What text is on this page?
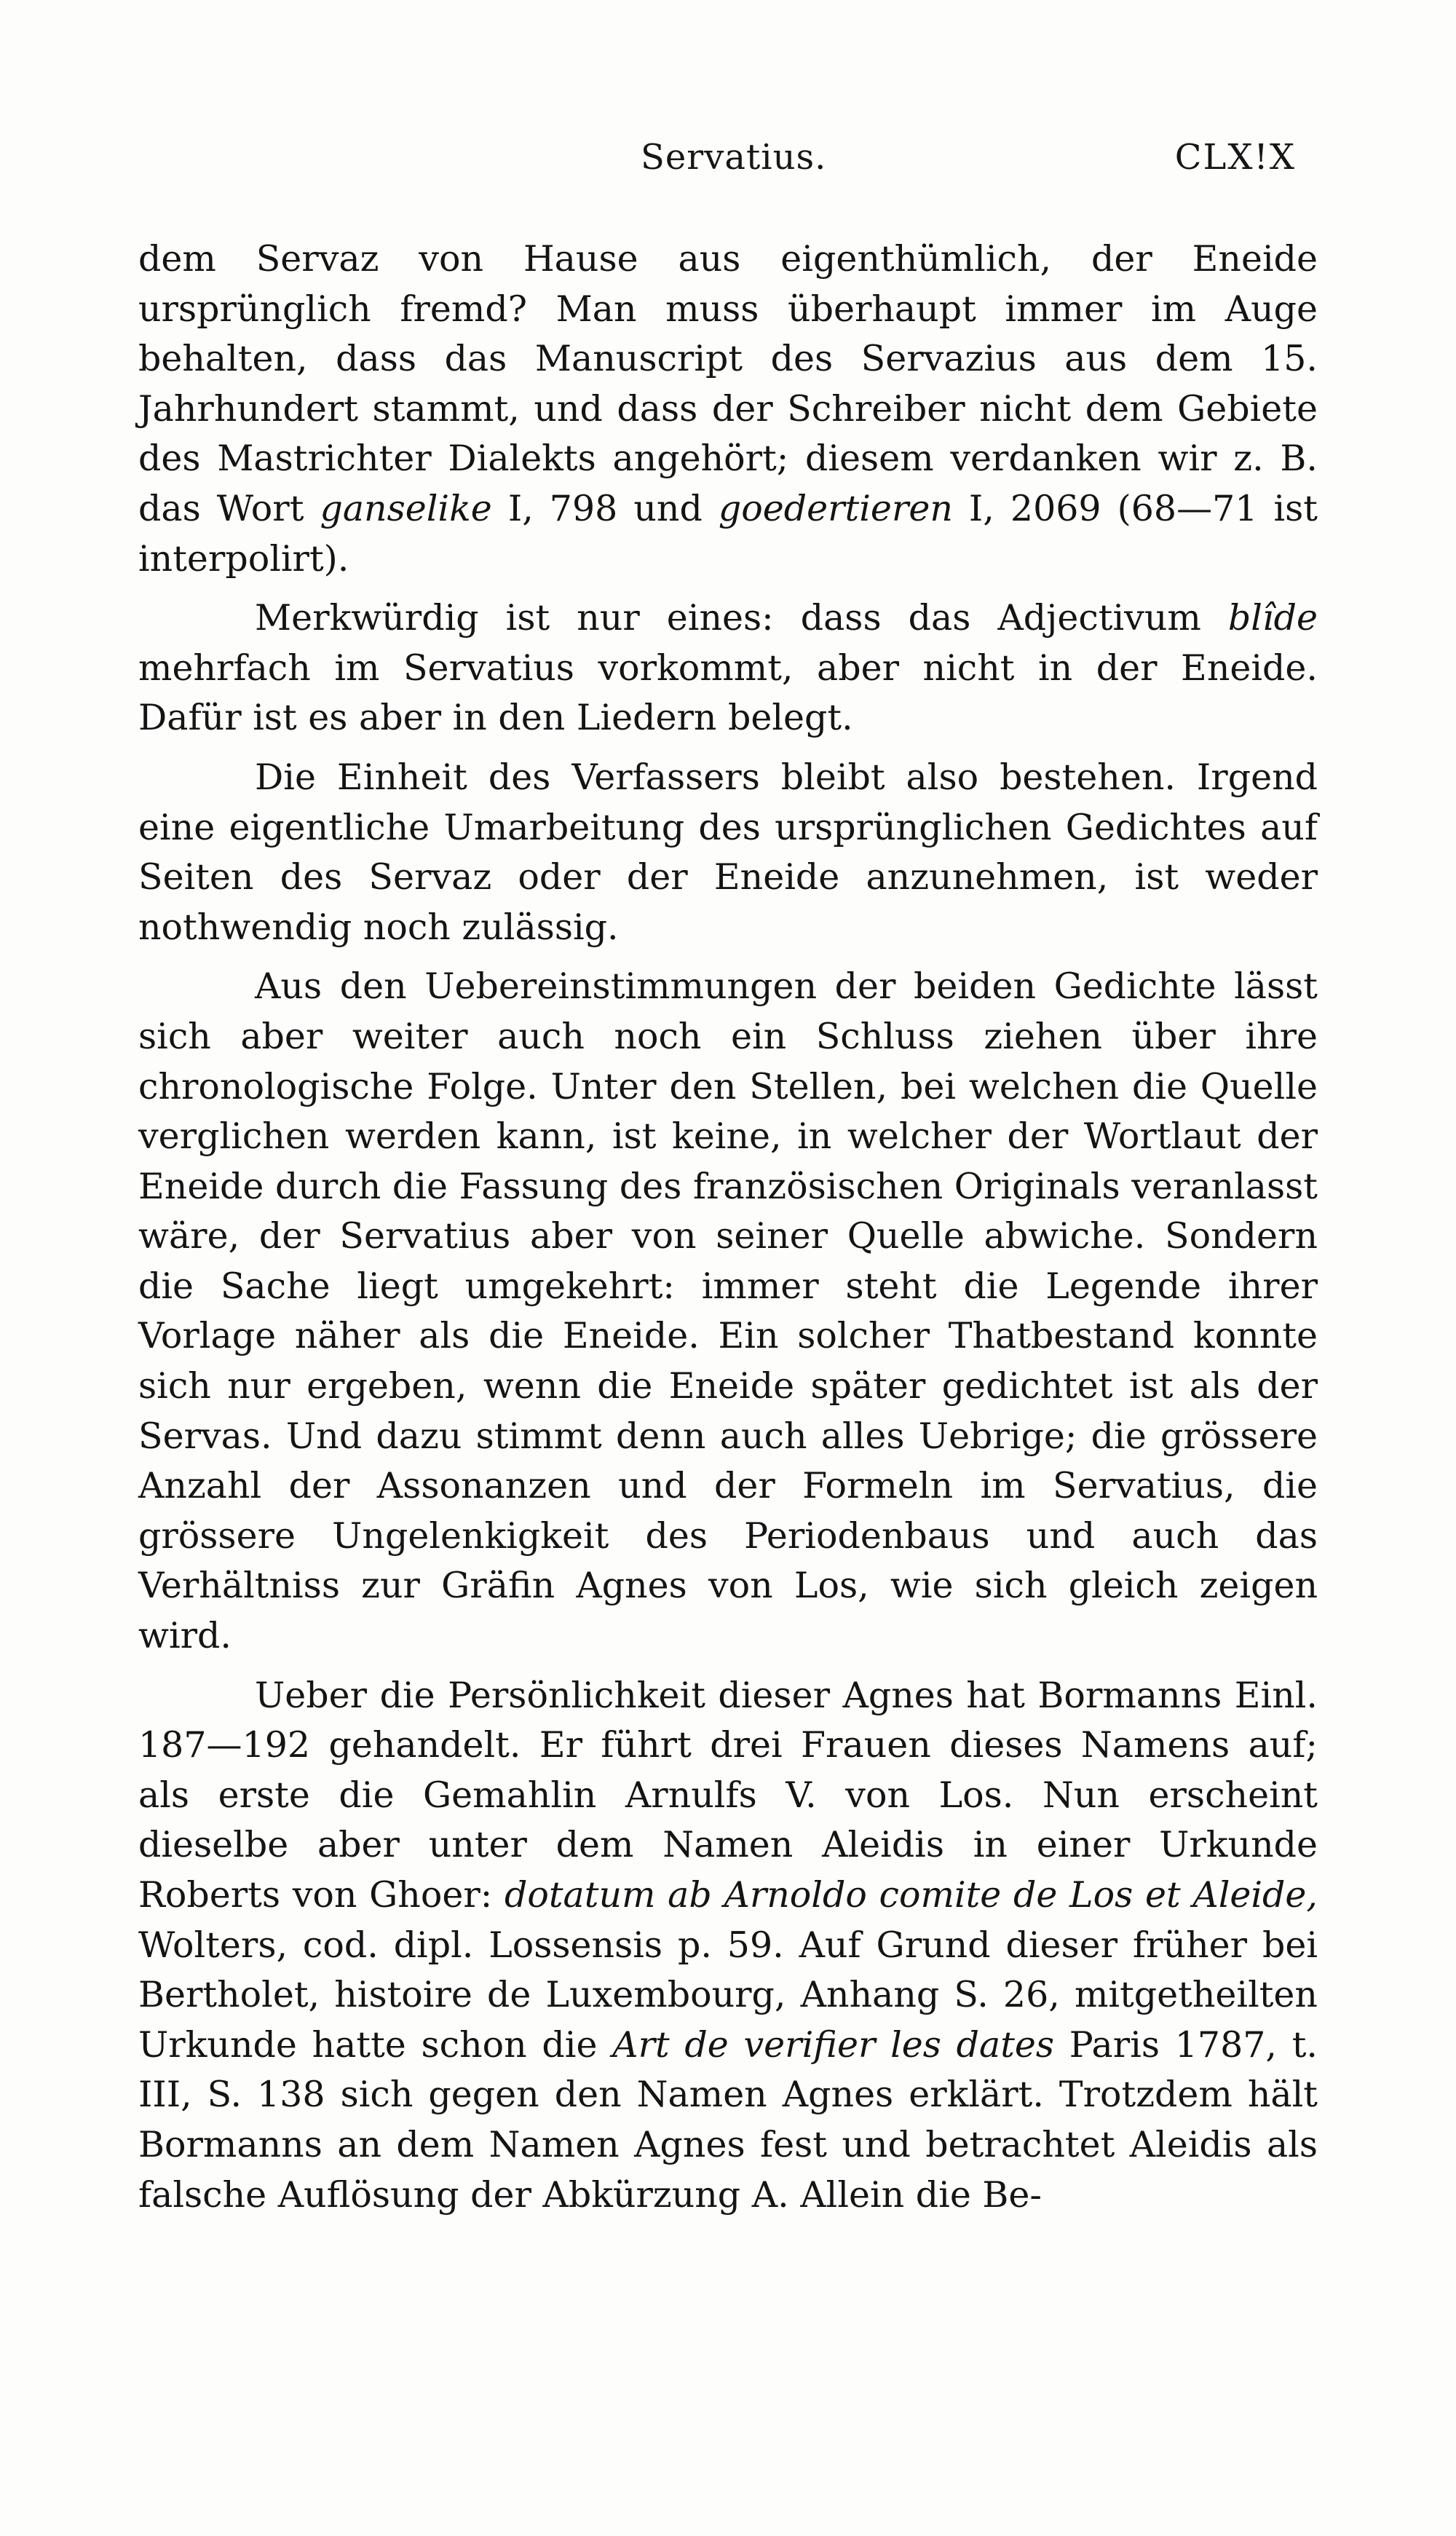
Servatius.	CLX!X

dem Servaz von Hause aus eigenthümlich, der Eneide ursprünglich fremd? Man muss überhaupt immer im Auge behalten, dass das Manuscript des Servazius aus dem 15. Jahrhundert stammt, und dass der Schreiber nicht dem Gebiete des Mastrichter Dialekts angehört; diesem verdanken wir z. B. das Wort ganselike I, 798 und goedertieren I, 2069 (68—71 ist interpolirt).

Merkwürdig ist nur eines: dass das Adjectivum blîde mehrfach im Servatius vorkommt, aber nicht in der Eneide. Dafür ist es aber in den Liedern belegt.

Die Einheit des Verfassers bleibt also bestehen. Irgend eine eigentliche Umarbeitung des ursprünglichen Gedichtes auf Seiten des Servaz oder der Eneide anzunehmen, ist weder nothwendig noch zulässig.

Aus den Uebereinstimmungen der beiden Gedichte lässt sich aber weiter auch noch ein Schluss ziehen über ihre chronologische Folge. Unter den Stellen, bei welchen die Quelle verglichen werden kann, ist keine, in welcher der Wortlaut der Eneide durch die Fassung des französischen Originals veranlasst wäre, der Servatius aber von seiner Quelle abwiche. Sondern die Sache liegt umgekehrt: immer steht die Legende ihrer Vorlage näher als die Eneide. Ein solcher Thatbestand konnte sich nur ergeben, wenn die Eneide später gedichtet ist als der Servas. Und dazu stimmt denn auch alles Uebrige; die grössere Anzahl der Assonanzen und der Formeln im Servatius, die grössere Ungelenkigkeit des Periodenbaus und auch das Verhältniss zur Gräfin Agnes von Los, wie sich gleich zeigen wird.

Ueber die Persönlichkeit dieser Agnes hat Bormanns Einl. 187—192 gehandelt. Er führt drei Frauen dieses Namens auf; als erste die Gemahlin Arnulfs V. von Los. Nun erscheint dieselbe aber unter dem Namen Aleidis in einer Urkunde Roberts von Ghoer: dotatum ab Arnoldo comite de Los et Aleide, Wolters, cod. dipl. Lossensis p. 59. Auf Grund dieser früher bei Bertholet, histoire de Luxembourg, Anhang S. 26, mitgetheilten Urkunde hatte schon die Art de verifier les dates Paris 1787, t. III, S. 138 sich gegen den Namen Agnes erklärt. Trotzdem hält Bormanns an dem Namen Agnes fest und betrachtet Aleidis als falsche Auflösung der Abkürzung A. Allein die Be-
